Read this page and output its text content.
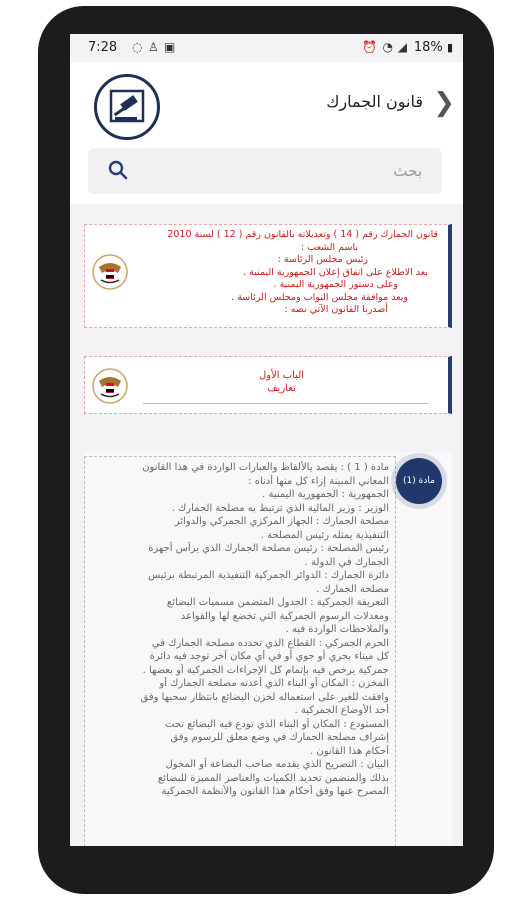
7:28 ◌ ♙ ▣	⏰ ◔ ◢ 18% ▮
قانون الجمارك ❯
بحث
قانون الجمارك رقم ( 14 ) وتعديلاته بالقانون رقم ( 12 ) لسنة 2010
باسم الشعب :
رئيس مجلس الرئاسة :
بعد الاطلاع على اتفاق إعلان الجمهورية اليمنية .
وعلى دستور الجمهورية اليمنية .
وبعد موافقة مجلس النواب ومجلس الرئاسة .
أصدرنا القانون الآتي نصه :
الباب الأول
تعاريف
مادة ( 1 ) : يقصد بالألفاظ والعبارات الواردة في هذا القانون
المعاني المبينة إزاء كل منها أدناه :
الجمهورية : الجمهورية اليمنية .
الوزير : وزير المالية الذي ترتبط به مصلحة الجمارك .
مصلحة الجمارك : الجهاز المركزي الجمركي والدوائر
التنفيذية يمثله رئيس المصلحة .
رئيس المصلحة : رئيس مصلحة الجمارك الذي يرأس أجهزة
الجمارك في الدولة .
دائرة الجمارك : الدوائر الجمركية التنفيذية المرتبطة برئيس
مصلحة الجمارك .
التعريفة الجمركية : الجدول المتضمن مسميات البضائع
ومعدلات الرسوم الجمركية التي تخضع لها والقواعد
والملاحظات الواردة فيه .
الحرم الجمركي : القطاع الذي تحدده مصلحة الجمارك في
كل ميناء بحري أو جوي أو في أي مكان آخر توجد فيه دائرة
جمركية يرخص فيه بإتمام كل الإجراءات الجمركية أو بعضها .
المخزن : المكان أو البناء الذي أعدته مصلحة الجمارك أو
وافقت للغير على استعماله لخزن البضائع بانتظار سحبها وفق
أحد الأوضاع الجمركية .
المستودع : المكان أو البناء الذي تودع فيه البضائع تحت
إشراف مصلحة الجمارك في وضع معلق للرسوم وفق
أحكام هذا القانون .
البيان : التصريح الذي يقدمه صاحب البضاعة أو المخول
بذلك والمتضمن تحديد الكميات والعناصر المميزة للبضائع
المصرح عنها وفق أحكام هذا القانون والأنظمة الجمركية
مادة (1)
